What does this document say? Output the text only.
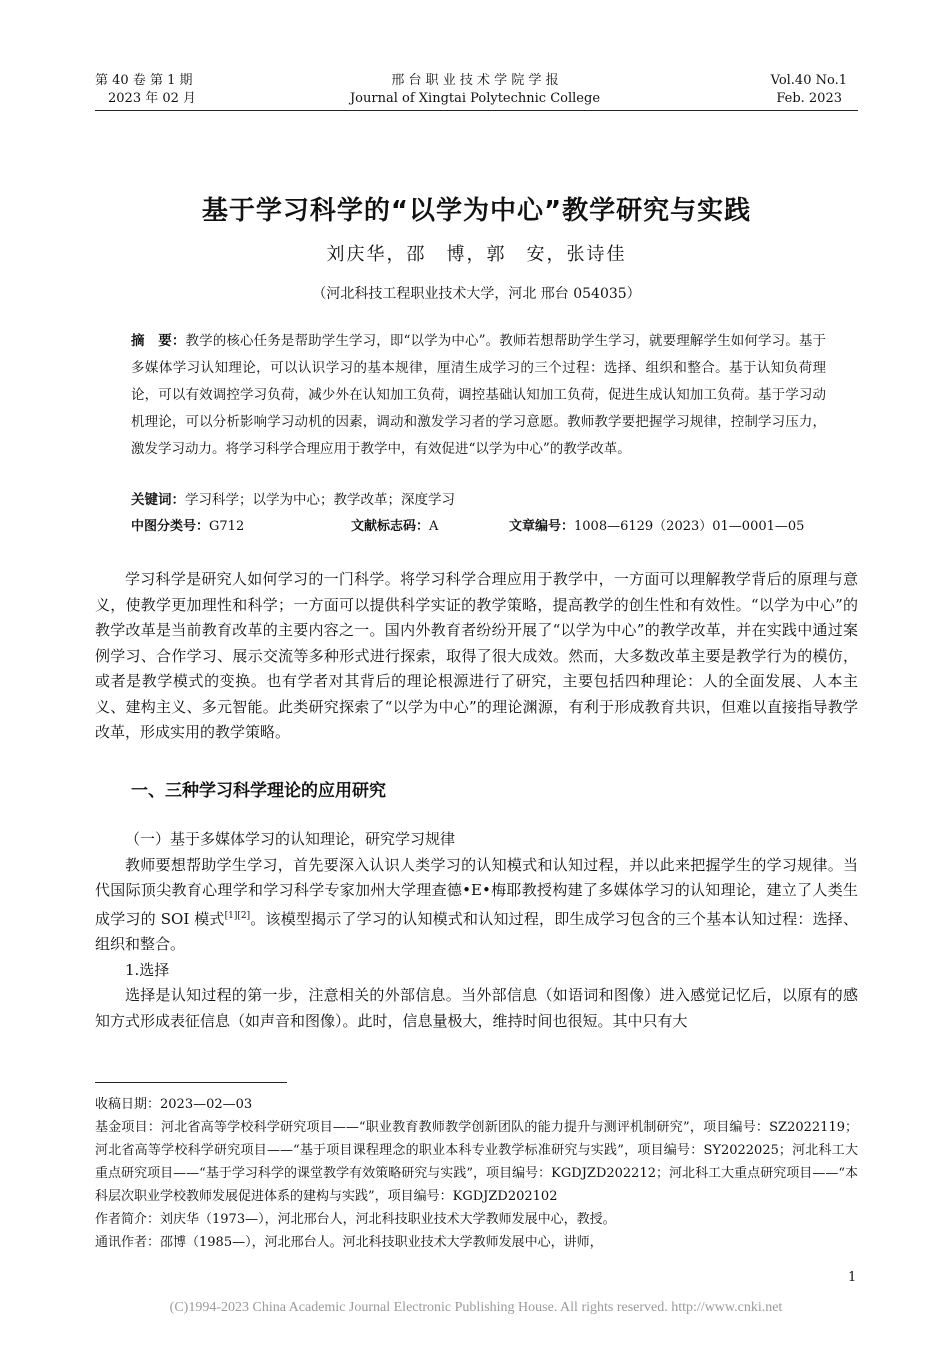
第 40 卷 第 1 期
2023 年 02 月
邢 台 职 业 技 术 学 院 学 报
Journal of Xingtai Polytechnic College
Vol.40 No.1
Feb. 2023
基于学习科学的“以学为中心”教学研究与实践
刘庆华，邵　博，郭　安，张诗佳
（河北科技工程职业技术大学，河北 邢台 054035）
摘　要：教学的核心任务是帮助学生学习，即“以学为中心”。教师若想帮助学生学习，就要理解学生如何学习。基于多媒体学习认知理论，可以认识学习的基本规律，厘清生成学习的三个过程：选择、组织和整合。基于认知负荷理论，可以有效调控学习负荷，减少外在认知加工负荷，调控基础认知加工负荷，促进生成认知加工负荷。基于学习动机理论，可以分析影响学习动机的因素，调动和激发学习者的学习意愿。教师教学要把握学习规律，控制学习压力，激发学习动力。将学习科学合理应用于教学中，有效促进“以学为中心”的教学改革。
关键词：学习科学；以学为中心；教学改革；深度学习
中图分类号：G712	文献标志码：A	文章编号：1008—6129（2023）01—0001—05

学习科学是研究人如何学习的一门科学。将学习科学合理应用于教学中，一方面可以理解教学背后的原理与意义，使教学更加理性和科学；一方面可以提供科学实证的教学策略，提高教学的创生性和有效性。“以学为中心”的教学改革是当前教育改革的主要内容之一。国内外教育者纷纷开展了“以学为中心”的教学改革，并在实践中通过案例学习、合作学习、展示交流等多种形式进行探索，取得了很大成效。然而，大多数改革主要是教学行为的模仿，或者是教学模式的变换。也有学者对其背后的理论根源进行了研究，主要包括四种理论：人的全面发展、人本主义、建构主义、多元智能。此类研究探索了“以学为中心”的理论渊源，有利于形成教育共识，但难以直接指导教学改革，形成实用的教学策略。

一、三种学习科学理论的应用研究

（一）基于多媒体学习的认知理论，研究学习规律

教师要想帮助学生学习，首先要深入认识人类学习的认知模式和认知过程，并以此来把握学生的学习规律。当代国际顶尖教育心理学和学习科学专家加州大学理查德•E•梅耶教授构建了多媒体学习的认知理论，建立了人类生成学习的 SOI 模式[1][2]。该模型揭示了学习的认知模式和认知过程，即生成学习包含的三个基本认知过程：选择、组织和整合。

1.选择

选择是认知过程的第一步，注意相关的外部信息。当外部信息（如语词和图像）进入感觉记忆后，以原有的感知方式形成表征信息（如声音和图像）。此时，信息量极大，维持时间也很短。其中只有大

收稿日期：2023—02—03

基金项目：河北省高等学校科学研究项目——“职业教育教师教学创新团队的能力提升与测评机制研究”，项目编号：SZ2022119；河北省高等学校科学研究项目——“基于项目课程理念的职业本科专业教学标准研究与实践”，项目编号：SY2022025；河北科工大重点研究项目——“基于学习科学的课堂教学有效策略研究与实践”，项目编号：KGDJZD202212；河北科工大重点研究项目——“本科层次职业学校教师发展促进体系的建构与实践”，项目编号：KGDJZD202102

作者简介：刘庆华（1973—），河北邢台人，河北科技职业技术大学教师发展中心，教授。

通讯作者：邵博（1985—），河北邢台人。河北科技职业技术大学教师发展中心，讲师，

1
(C)1994-2023 China Academic Journal Electronic Publishing House. All rights reserved. http://www.cnki.net
